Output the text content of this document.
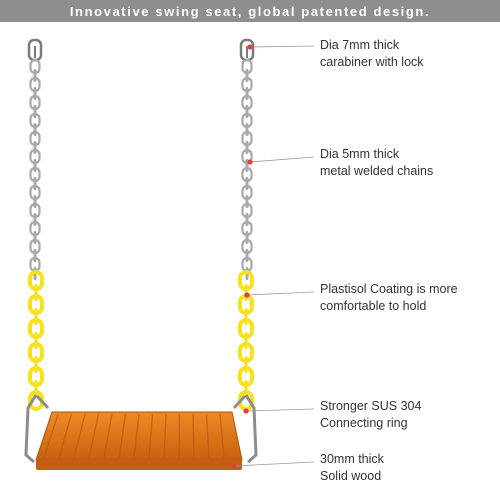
Innovative swing seat, global patented design.
Dia 7mm thick
carabiner with lock
Dia 5mm thick
metal welded chains
Plastisol Coating is more
comfortable to hold
Stronger SUS 304
Connecting ring
30mm thick
Solid wood
